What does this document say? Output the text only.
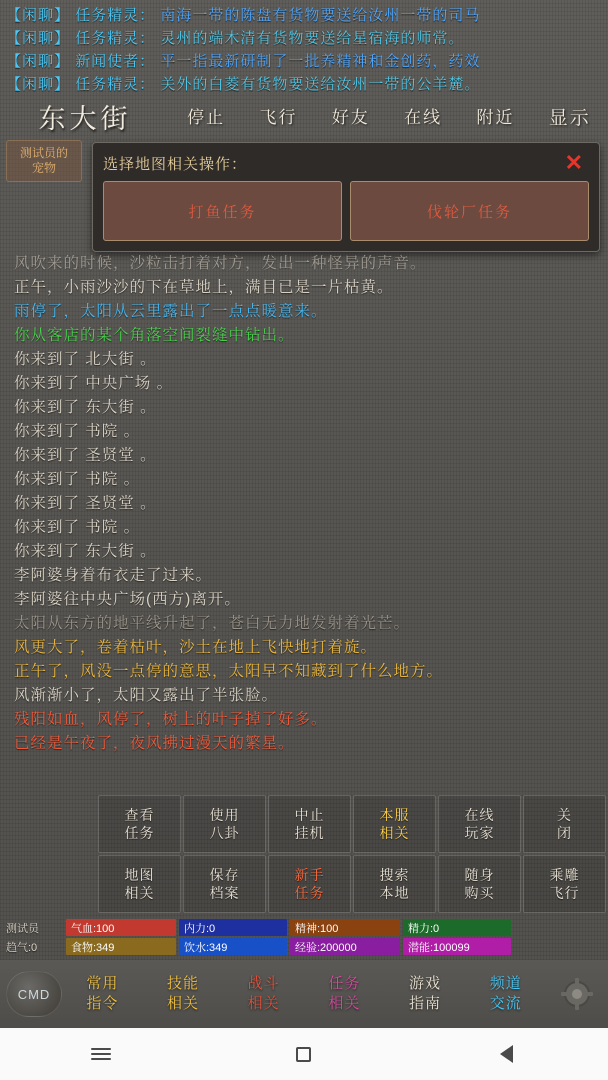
【闲聊】 任务精灵： 南海一带的陈盘有货物要送给汝州一带的司马
【闲聊】 任务精灵： 灵州的端木清有货物要送给星宿海的师常。
【闲聊】 新闻使者： 平一指最新研制了一批养精神和金创药，药效
【闲聊】 任务精灵： 关外的白菱有货物要送给汝州一带的公羊麓。
东大街	停止	飞行	好友	在线	附近	显示
测试员的
宠物	选择地图相关操作：	✕
打鱼任务	伐轮厂任务
风吹来的时候，沙粒击打着对方，发出一种怪异的声音。
正午，小雨沙沙的下在草地上，满目已是一片枯黄。
雨停了，太阳从云里露出了一点点暖意来。
你从客店的某个角落空间裂缝中钻出。
你来到了 北大街 。
你来到了 中央广场 。
你来到了 东大街 。
你来到了 书院 。
你来到了 圣贤堂 。
你来到了 书院 。
你来到了 圣贤堂 。
你来到了 书院 。
你来到了 东大街 。
李阿婆身着布衣走了过来。
李阿婆往中央广场(西方)离开。
太阳从东方的地平线升起了，苍白无力地发射着光芒。
风更大了，卷着枯叶，沙土在地上飞快地打着旋。
正午了，风没一点停的意思，太阳早不知藏到了什么地方。
风渐渐小了，太阳又露出了半张脸。
残阳如血，风停了，树上的叶子掉了好多。
已经是午夜了，夜风拂过漫天的繁星。
查看
任务
使用
八卦
中止
挂机
本服
相关
在线
玩家
关
闭
地图
相关
保存
档案
新手
任务
搜索
本地
随身
购买
乘雕
飞行
测试员	气血:100	内力:0	精神:100	精力:0
趋气:0	食物:349	饮水:349	经验:200000	潜能:100099
CMD
常用
指令
技能
相关
战斗
相关
任务
相关
游戏
指南
频道
交流
